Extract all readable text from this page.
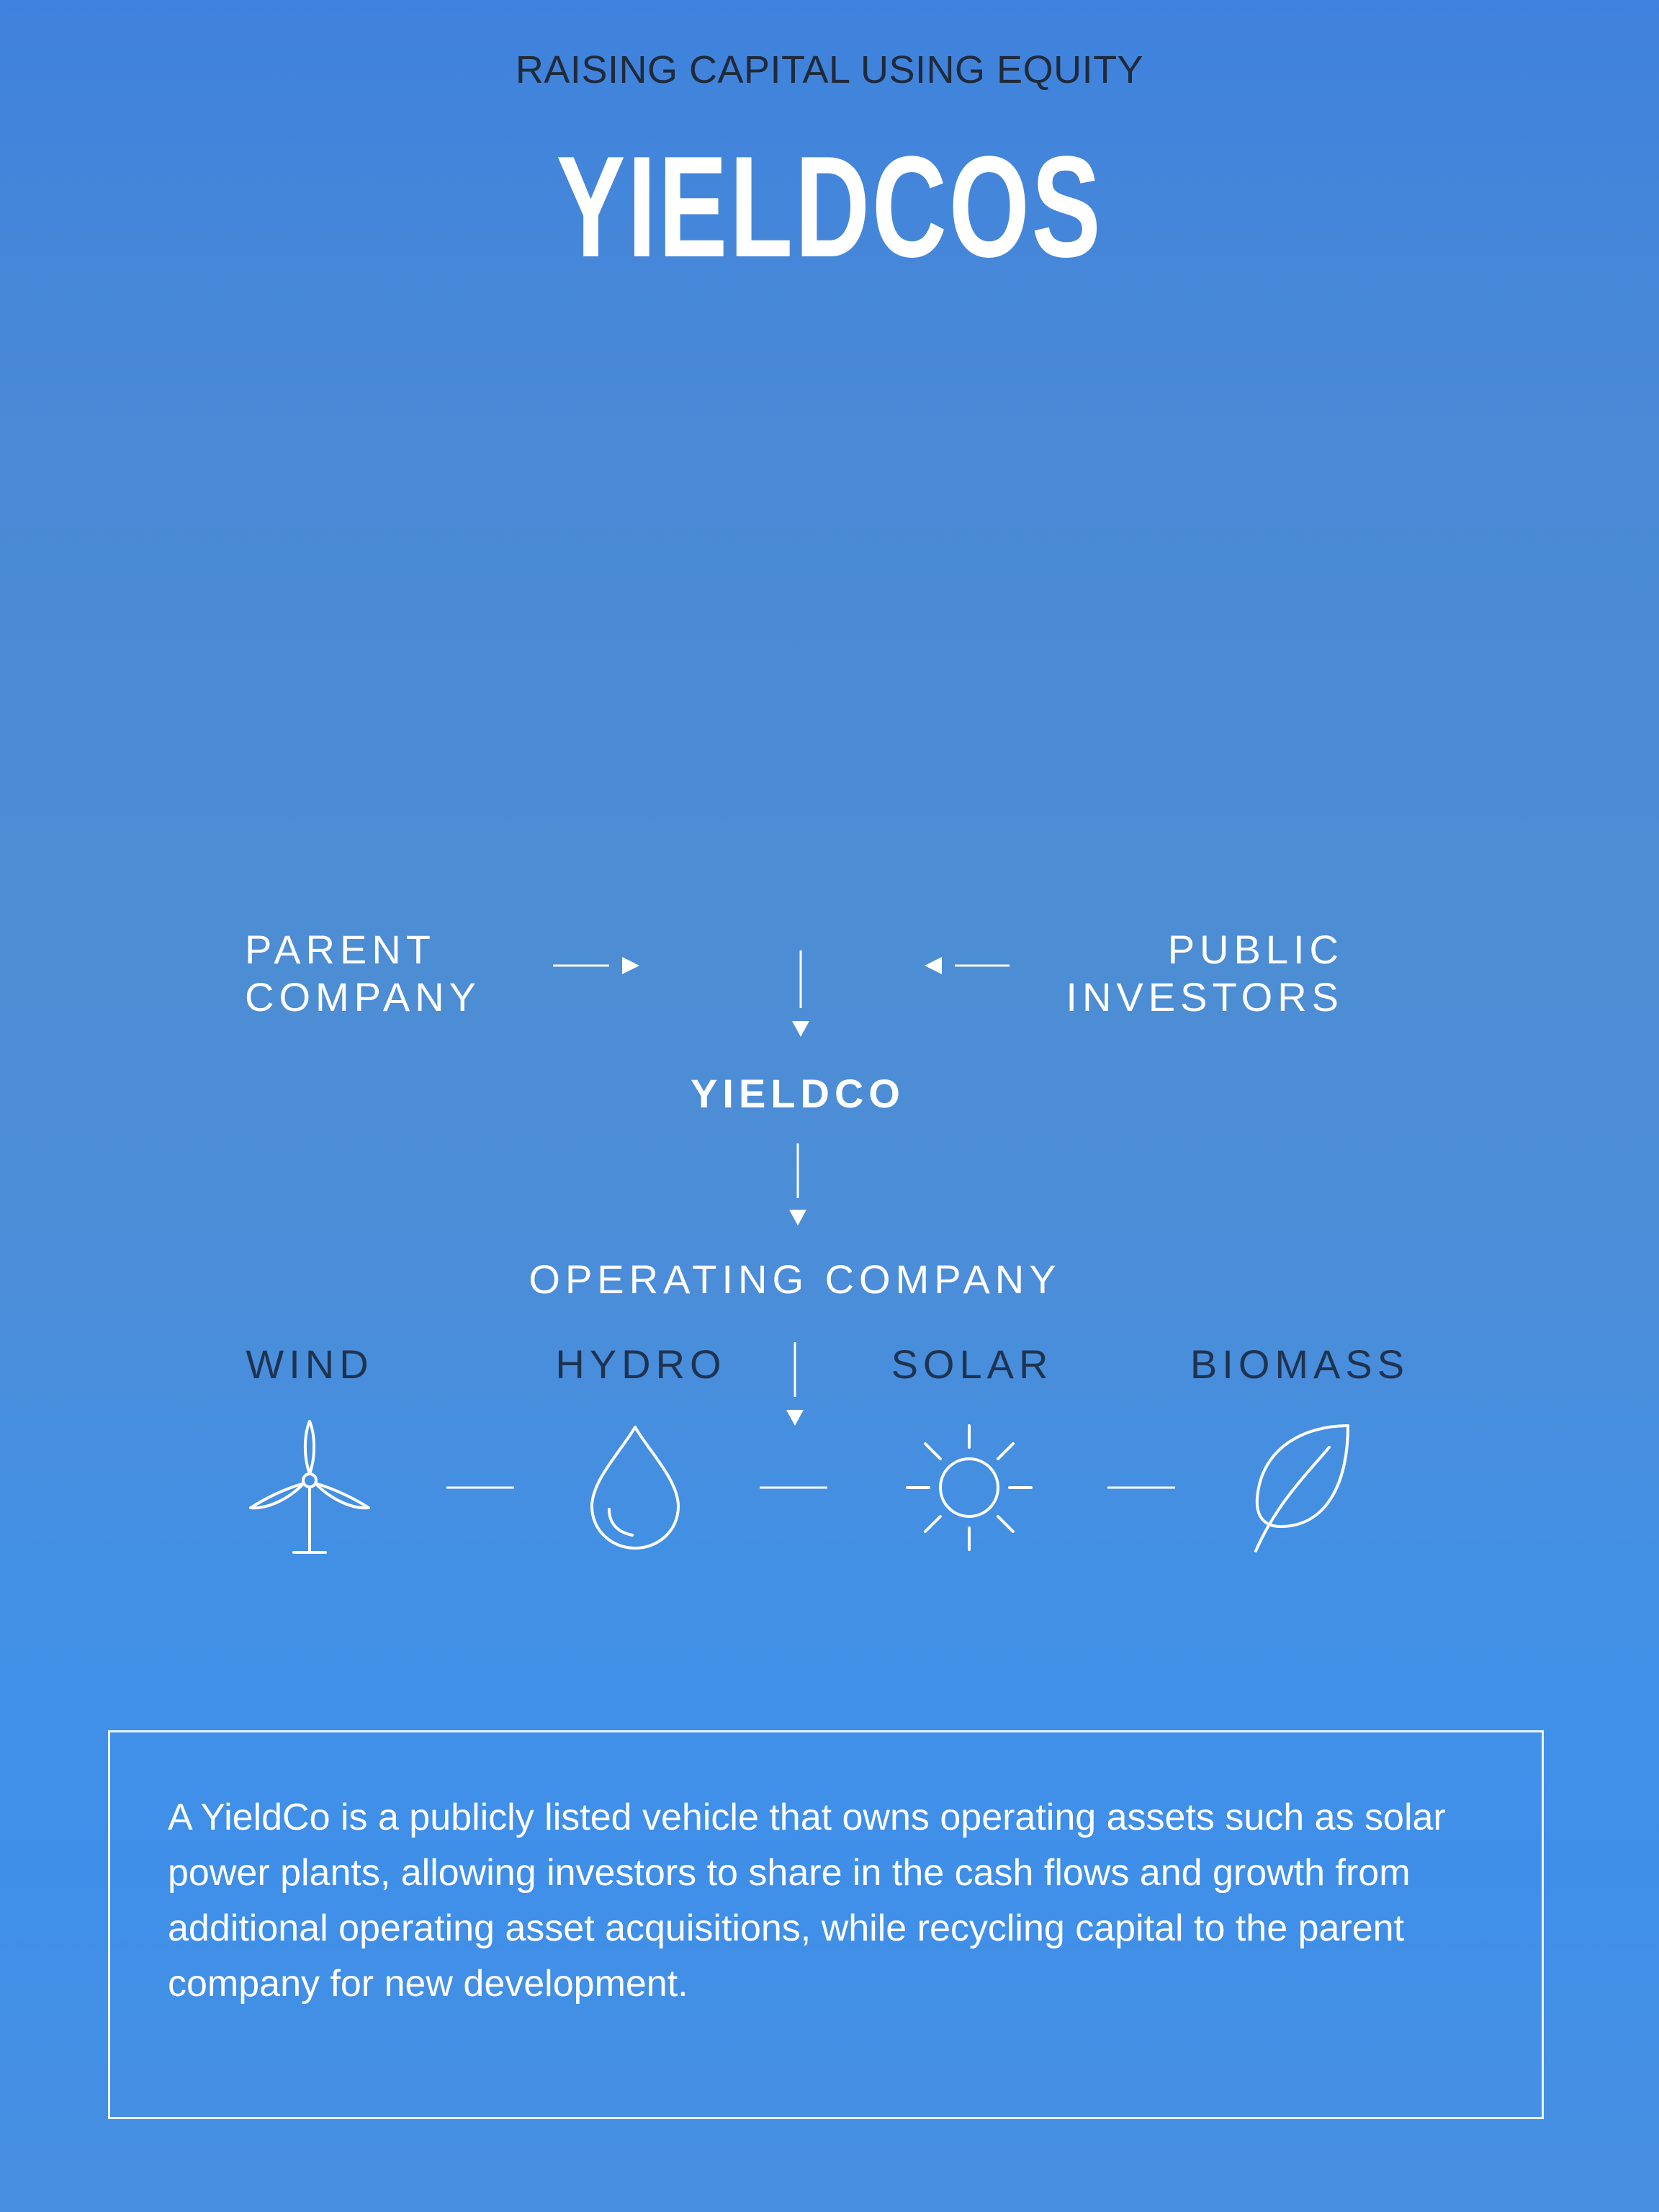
RAISING CAPITAL USING EQUITY
YIELDCOS
PARENT
COMPANY
PUBLIC
INVESTORS
YIELDCO
OPERATING COMPANY
WIND	HYDRO	SOLAR	BIOMASS
A YieldCo is a publicly listed vehicle that owns operating assets such as solar power plants, allowing investors to share in the cash flows and growth from additional operating asset acquisitions, while recycling capital to the parent company for new development.
